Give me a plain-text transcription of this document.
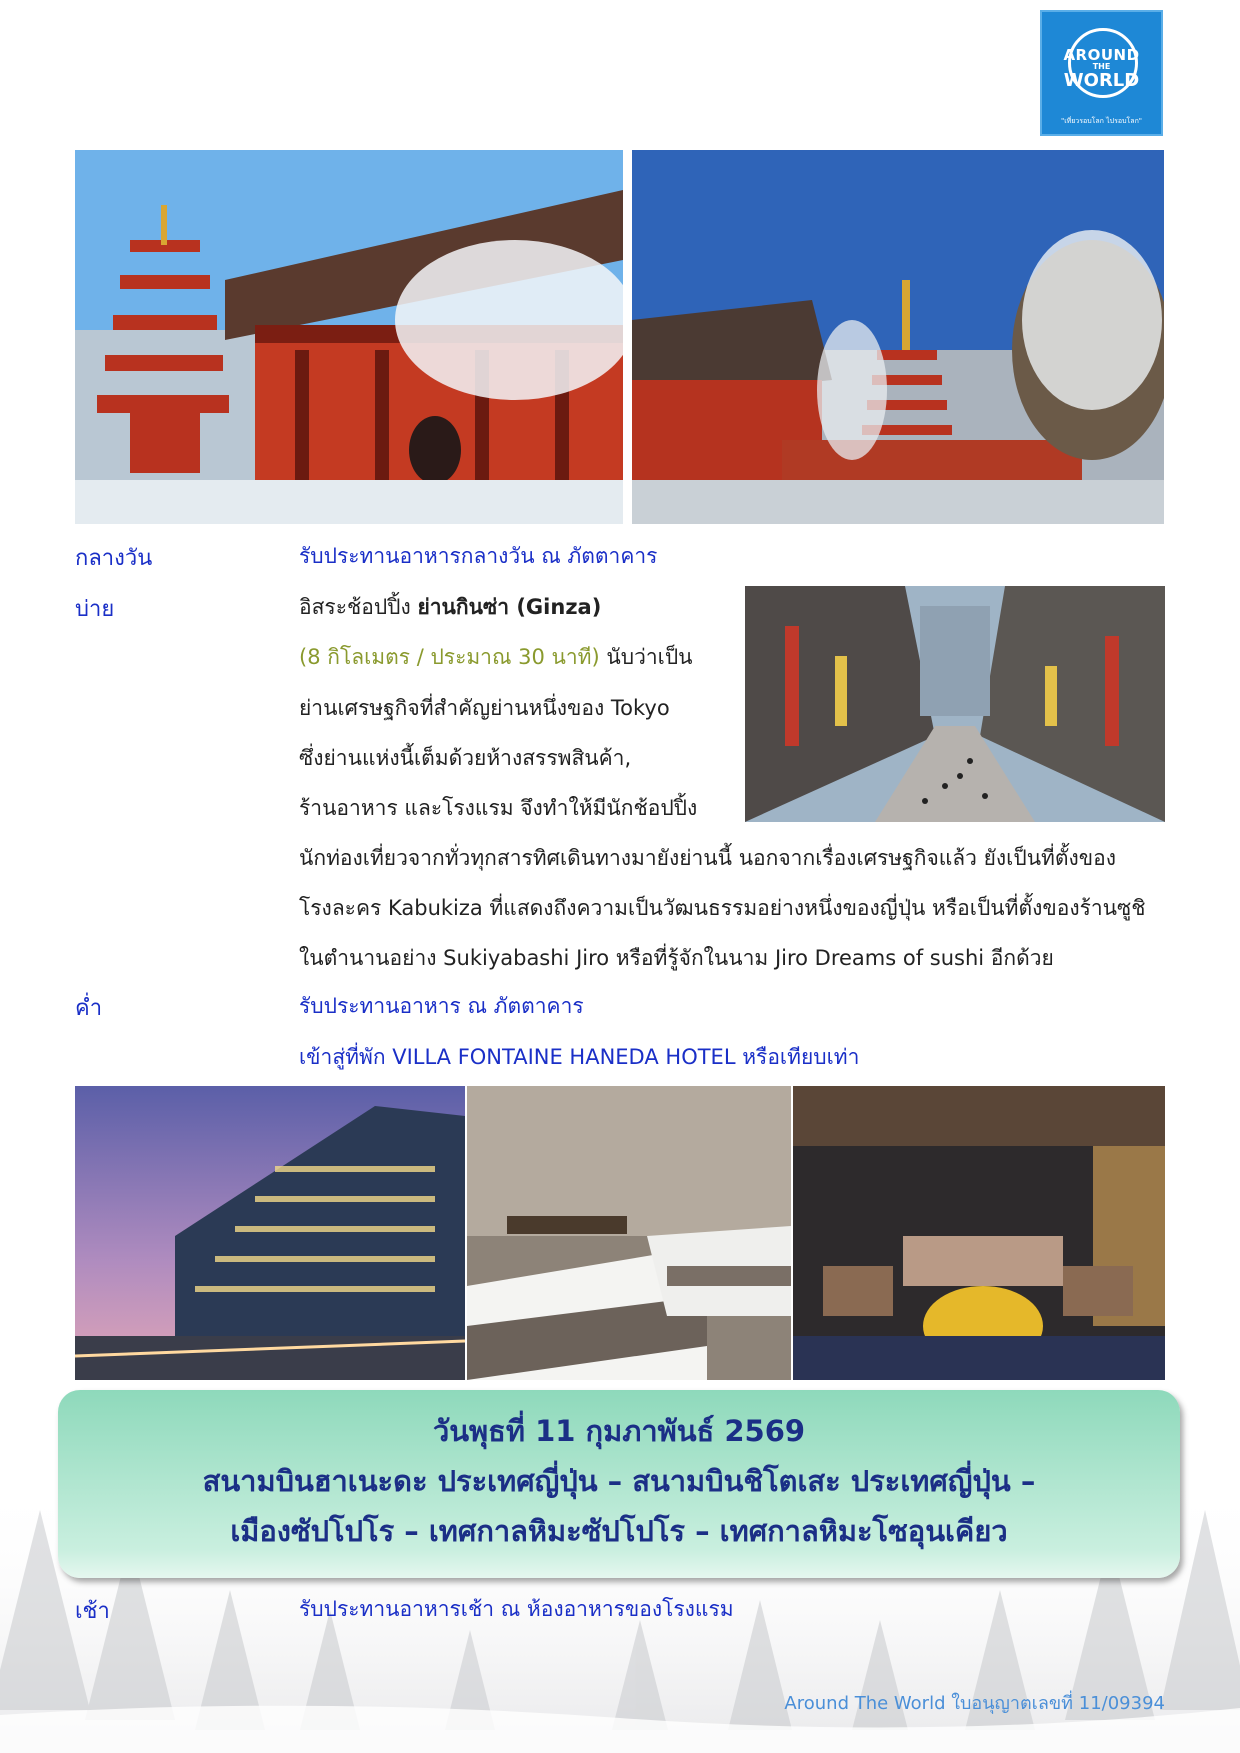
AROUND
THE
WORLD
"เที่ยวรอบโลก ไปรอบโลก"
กลางวัน	รับประทานอาหารกลางวัน ณ ภัตตาคาร
บ่าย	อิสระช้อปปิ้ง ย่านกินซ่า (Ginza)
(8 กิโลเมตร / ประมาณ 30 นาที) นับว่าเป็น
ย่านเศรษฐกิจที่สำคัญย่านหนึ่งของ Tokyo
ซึ่งย่านแห่งนี้เต็มด้วยห้างสรรพสินค้า,
ร้านอาหาร และโรงแรม จึงทำให้มีนักช้อปปิ้ง
นักท่องเที่ยวจากทั่วทุกสารทิศเดินทางมายังย่านนี้ นอกจากเรื่องเศรษฐกิจแล้ว ยังเป็นที่ตั้งของ
โรงละคร Kabukiza ที่แสดงถึงความเป็นวัฒนธรรมอย่างหนึ่งของญี่ปุ่น หรือเป็นที่ตั้งของร้านซูชิ
ในตำนานอย่าง Sukiyabashi Jiro หรือที่รู้จักในนาม Jiro Dreams of sushi อีกด้วย
ค่ำ	รับประทานอาหาร ณ ภัตตาคาร
เข้าสู่ที่พัก VILLA FONTAINE HANEDA HOTEL หรือเทียบเท่า
วันพุธที่ 11 กุมภาพันธ์ 2569
สนามบินฮาเนะดะ ประเทศญี่ปุ่น – สนามบินชิโตเสะ ประเทศญี่ปุ่น –
เมืองซัปโปโร – เทศกาลหิมะซัปโปโร – เทศกาลหิมะโซอุนเคียว
เช้า	รับประทานอาหารเช้า ณ ห้องอาหารของโรงแรม
Around The World ใบอนุญาตเลขที่ 11/09394
